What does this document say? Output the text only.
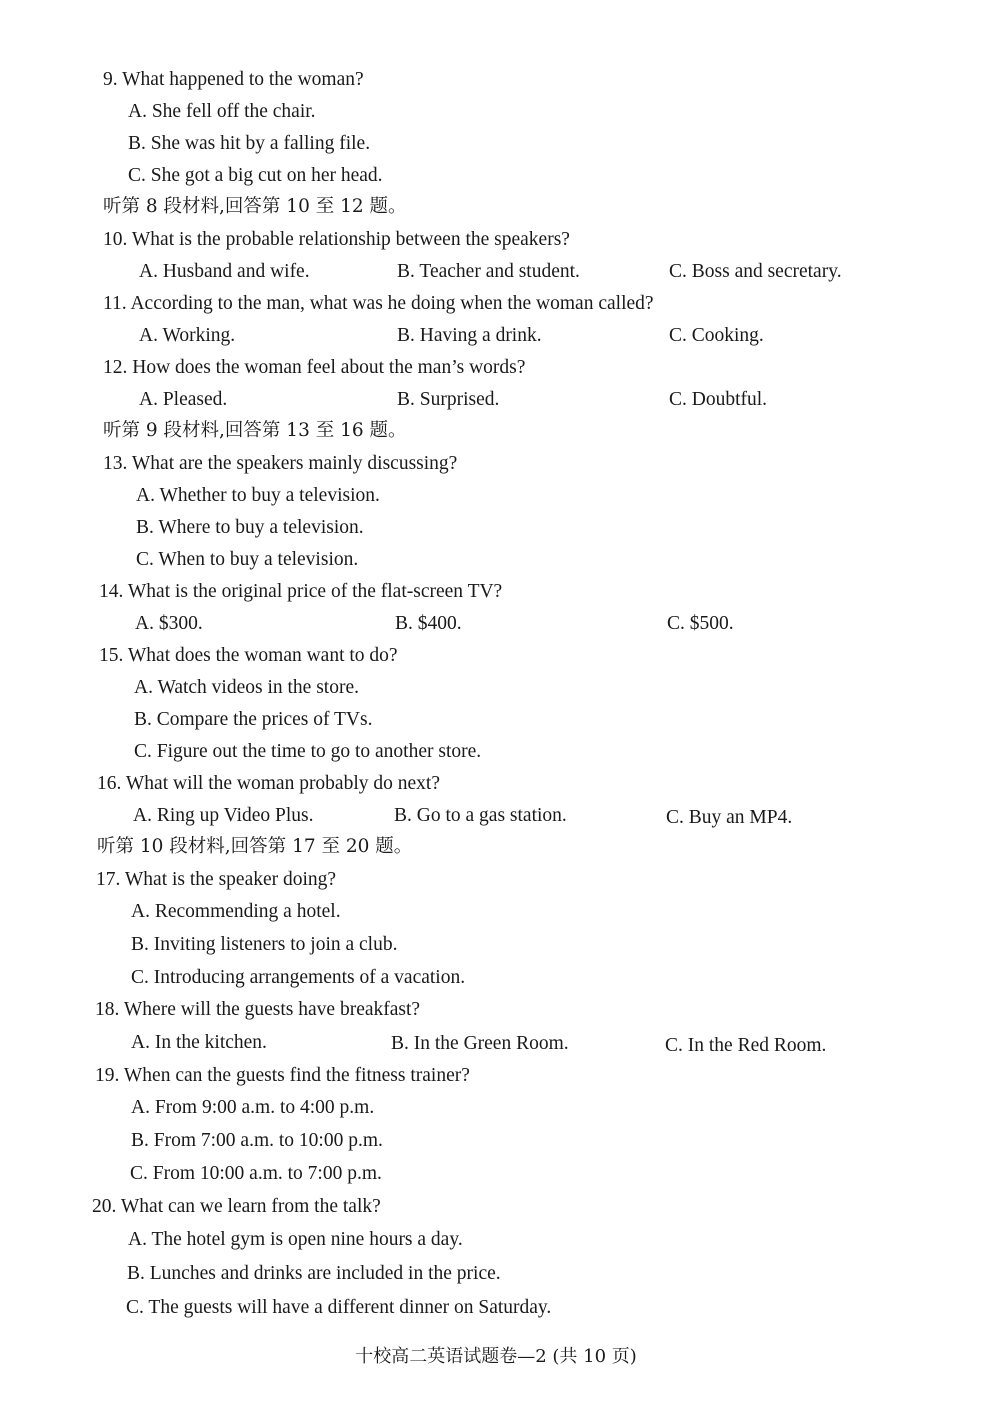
9. What happened to the woman?
A. She fell off the chair.
B. She was hit by a falling file.
C. She got a big cut on her head.
听第 8 段材料,回答第 10 至 12 题。
10. What is the probable relationship between the speakers?
A. Husband and wife.	B. Teacher and student.	C. Boss and secretary.
11. According to the man, what was he doing when the woman called?
A. Working.	B. Having a drink.	C. Cooking.
12. How does the woman feel about the man’s words?
A. Pleased.	B. Surprised.	C. Doubtful.
听第 9 段材料,回答第 13 至 16 题。
13. What are the speakers mainly discussing?
A. Whether to buy a television.
B. Where to buy a television.
C. When to buy a television.
14. What is the original price of the flat-screen TV?
A. $300.	B. $400.	C. $500.
15. What does the woman want to do?
A. Watch videos in the store.
B. Compare the prices of TVs.
C. Figure out the time to go to another store.
16. What will the woman probably do next?
A. Ring up Video Plus.	B. Go to a gas station.	C. Buy an MP4.
听第 10 段材料,回答第 17 至 20 题。
17. What is the speaker doing?
A. Recommending a hotel.
B. Inviting listeners to join a club.
C. Introducing arrangements of a vacation.
18. Where will the guests have breakfast?
A. In the kitchen.	B. In the Green Room.	C. In the Red Room.
19. When can the guests find the fitness trainer?
A. From 9:00 a.m. to 4:00 p.m.
B. From 7:00 a.m. to 10:00 p.m.
C. From 10:00 a.m. to 7:00 p.m.
20. What can we learn from the talk?
A. The hotel gym is open nine hours a day.
B. Lunches and drinks are included in the price.
C. The guests will have a different dinner on Saturday.
十校高二英语试题卷—2 (共 10 页)
